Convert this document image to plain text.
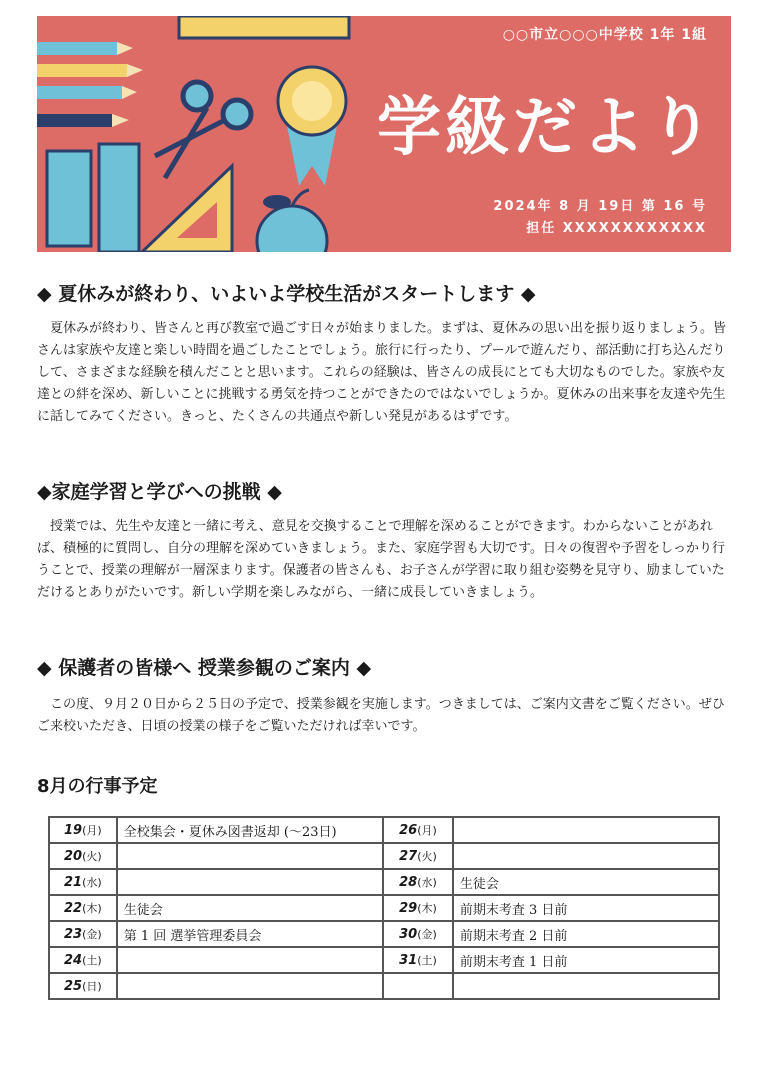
○○市立○○○中学校 1年 1組
学級だより
2024年 8 月 19日 第 16 号
担任 XXXXXXXXXXXX
◆ 夏休みが終わり、いよいよ学校生活がスタートします ◆

夏休みが終わり、皆さんと再び教室で過ごす日々が始まりました。まずは、夏休みの思い出を振り返りましょう。皆さんは家族や友達と楽しい時間を過ごしたことでしょう。旅行に行ったり、プールで遊んだり、部活動に打ち込んだりして、さまざまな経験を積んだことと思います。これらの経験は、皆さんの成長にとても大切なものでした。家族や友達との絆を深め、新しいことに挑戦する勇気を持つことができたのではないでしょうか。夏休みの出来事を友達や先生に話してみてください。きっと、たくさんの共通点や新しい発見があるはずです。

◆家庭学習と学びへの挑戦 ◆

授業では、先生や友達と一緒に考え、意見を交換することで理解を深めることができます。わからないことがあれば、積極的に質問し、自分の理解を深めていきましょう。また、家庭学習も大切です。日々の復習や予習をしっかり行うことで、授業の理解が一層深まります。保護者の皆さんも、お子さんが学習に取り組む姿勢を見守り、励ましていただけるとありがたいです。新しい学期を楽しみながら、一緒に成長していきましょう。

◆ 保護者の皆様へ 授業参観のご案内 ◆

この度、９月２０日から２５日の予定で、授業参観を実施します。つきましては、ご案内文書をご覧ください。ぜひご来校いただき、日頃の授業の様子をご覧いただければ幸いです。

8月の行事予定
19(月)	全校集会・夏休み図書返却 (〜23日)	26(月)	
20(火)		27(火)	
21(水)		28(水)	生徒会
22(木)	生徒会	29(木)	前期末考査 3 日前
23(金)	第 1 回 選挙管理委員会	30(金)	前期末考査 2 日前
24(土)		31(土)	前期末考査 1 日前
25(日)			
